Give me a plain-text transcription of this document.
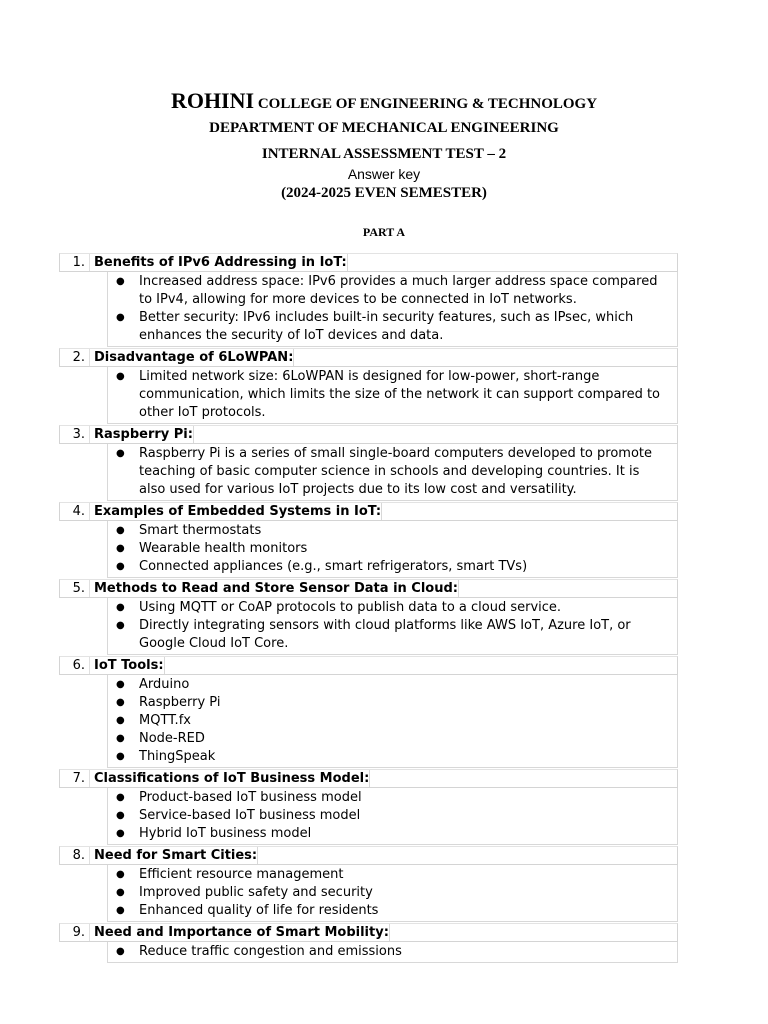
ROHINI COLLEGE OF ENGINEERING & TECHNOLOGY
DEPARTMENT OF MECHANICAL ENGINEERING
INTERNAL ASSESSMENT TEST – 2
Answer key
(2024-2025 EVEN SEMESTER)
PART A
1. Benefits of IPv6 Addressing in IoT:
● Increased address space: IPv6 provides a much larger address space compared to IPv4, allowing for more devices to be connected in IoT networks.
● Better security: IPv6 includes built-in security features, such as IPsec, which enhances the security of IoT devices and data.
2. Disadvantage of 6LoWPAN:
● Limited network size: 6LoWPAN is designed for low-power, short-range communication, which limits the size of the network it can support compared to other IoT protocols.
3. Raspberry Pi:
● Raspberry Pi is a series of small single-board computers developed to promote teaching of basic computer science in schools and developing countries. It is also used for various IoT projects due to its low cost and versatility.
4. Examples of Embedded Systems in IoT:
● Smart thermostats
● Wearable health monitors
● Connected appliances (e.g., smart refrigerators, smart TVs)
5. Methods to Read and Store Sensor Data in Cloud:
● Using MQTT or CoAP protocols to publish data to a cloud service.
● Directly integrating sensors with cloud platforms like AWS IoT, Azure IoT, or Google Cloud IoT Core.
6. IoT Tools:
● Arduino
● Raspberry Pi
● MQTT.fx
● Node-RED
● ThingSpeak
7. Classifications of IoT Business Model:
● Product-based IoT business model
● Service-based IoT business model
● Hybrid IoT business model
8. Need for Smart Cities:
● Efficient resource management
● Improved public safety and security
● Enhanced quality of life for residents
9. Need and Importance of Smart Mobility:
● Reduce traffic congestion and emissions
